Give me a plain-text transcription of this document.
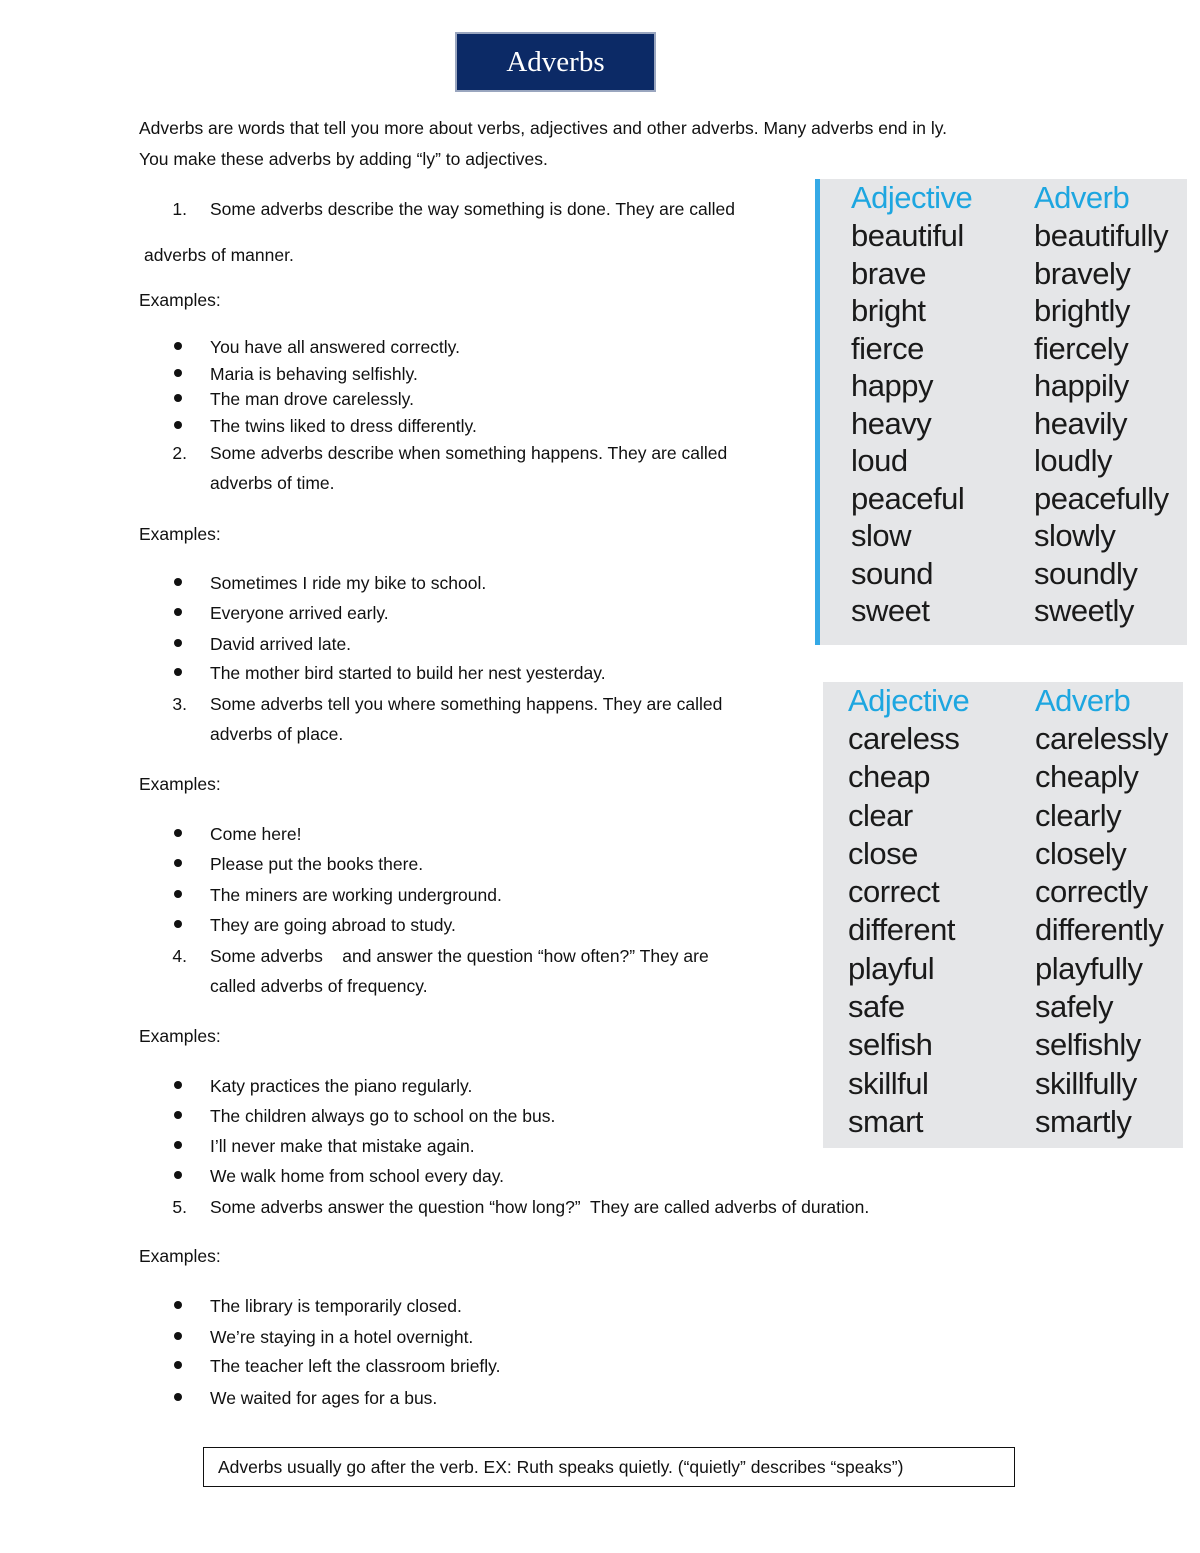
Adverbs
Adverbs are words that tell you more about verbs, adjectives and other adverbs. Many adverbs end in ly.
You make these adverbs by adding “ly” to adjectives.
1. Some adverbs describe the way something is done. They are called
adverbs of manner.
Examples:
You have all answered correctly.
Maria is behaving selfishly.
The man drove carelessly.
The twins liked to dress differently.
2. Some adverbs describe when something happens. They are called
adverbs of time.
Examples:
Sometimes I ride my bike to school.
Everyone arrived early.
David arrived late.
The mother bird started to build her nest yesterday.
3. Some adverbs tell you where something happens. They are called
adverbs of place.
Examples:
Come here!
Please put the books there.
The miners are working underground.
They are going abroad to study.
4. Some adverbs    and answer the question “how often?” They are
called adverbs of frequency.
Examples:
Katy practices the piano regularly.
The children always go to school on the bus.
I’ll never make that mistake again.
We walk home from school every day.
5. Some adverbs answer the question “how long?”  They are called adverbs of duration.
Examples:
The library is temporarily closed.
We’re staying in a hotel overnight.
The teacher left the classroom briefly.
We waited for ages for a bus.
Adjective
beautiful
brave
bright
fierce
happy
heavy
loud
peaceful
slow
sound
sweet
Adverb
beautifully
bravely
brightly
fiercely
happily
heavily
loudly
peacefully
slowly
soundly
sweetly
Adjective
careless
cheap
clear
close
correct
different
playful
safe
selfish
skillful
smart
Adverb
carelessly
cheaply
clearly
closely
correctly
differently
playfully
safely
selfishly
skillfully
smartly
Adverbs usually go after the verb. EX: Ruth speaks quietly. (“quietly” describes “speaks”)
